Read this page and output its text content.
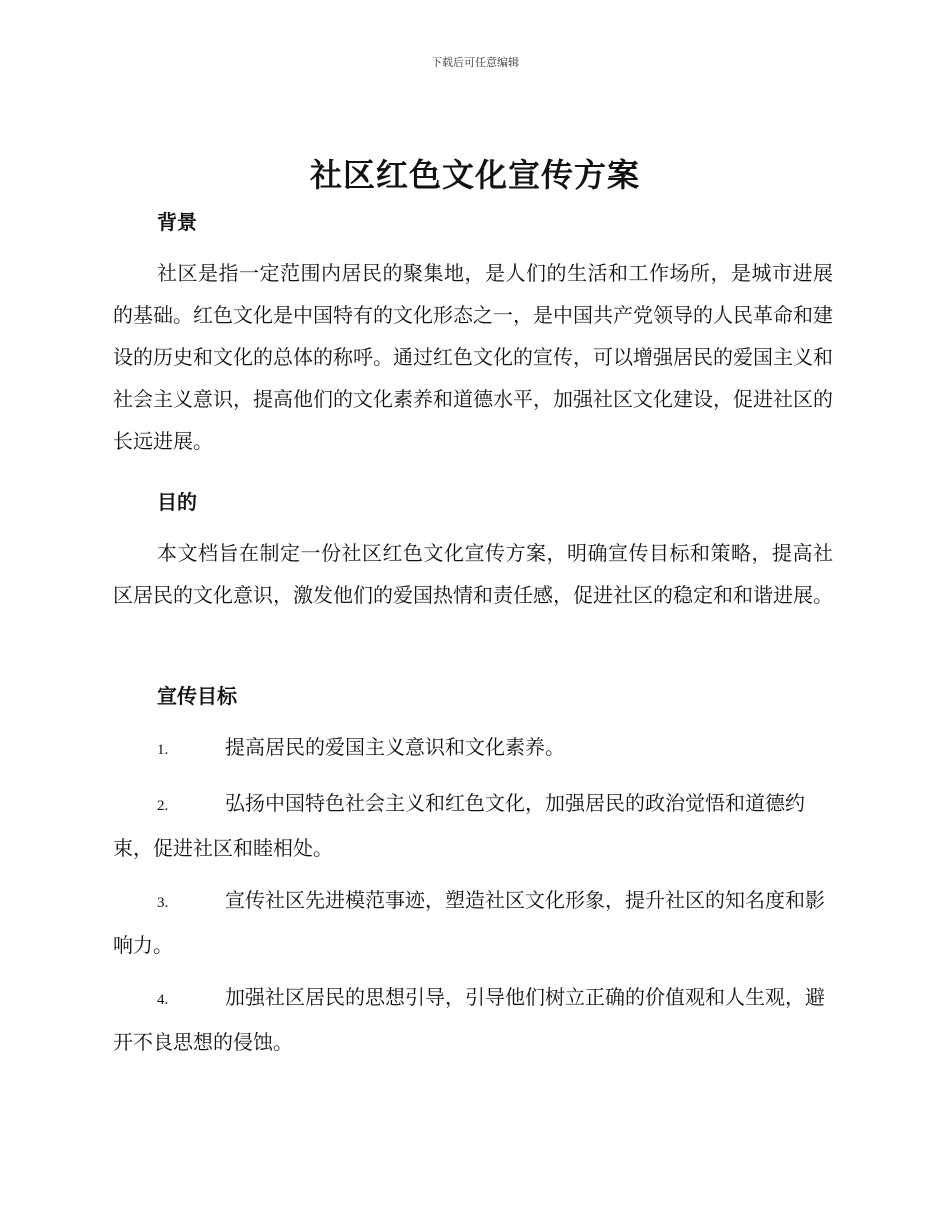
下载后可任意编辑
社区红色文化宣传方案
背景

社区是指一定范围内居民的聚集地，是人们的生活和工作场所，是城市进展的基础。红色文化是中国特有的文化形态之一，是中国共产党领导的人民革命和建设的历史和文化的总体的称呼。通过红色文化的宣传，可以增强居民的爱国主义和社会主义意识，提高他们的文化素养和道德水平，加强社区文化建设，促进社区的长远进展。

目的

本文档旨在制定一份社区红色文化宣传方案，明确宣传目标和策略，提高社区居民的文化意识，激发他们的爱国热情和责任感，促进社区的稳定和和谐进展。

宣传目标

1.	提高居民的爱国主义意识和文化素养。

2.	弘扬中国特色社会主义和红色文化，加强居民的政治觉悟和道德约束，促进社区和睦相处。

3.	宣传社区先进模范事迹，塑造社区文化形象，提升社区的知名度和影响力。

4.	加强社区居民的思想引导，引导他们树立正确的价值观和人生观，避开不良思想的侵蚀。
